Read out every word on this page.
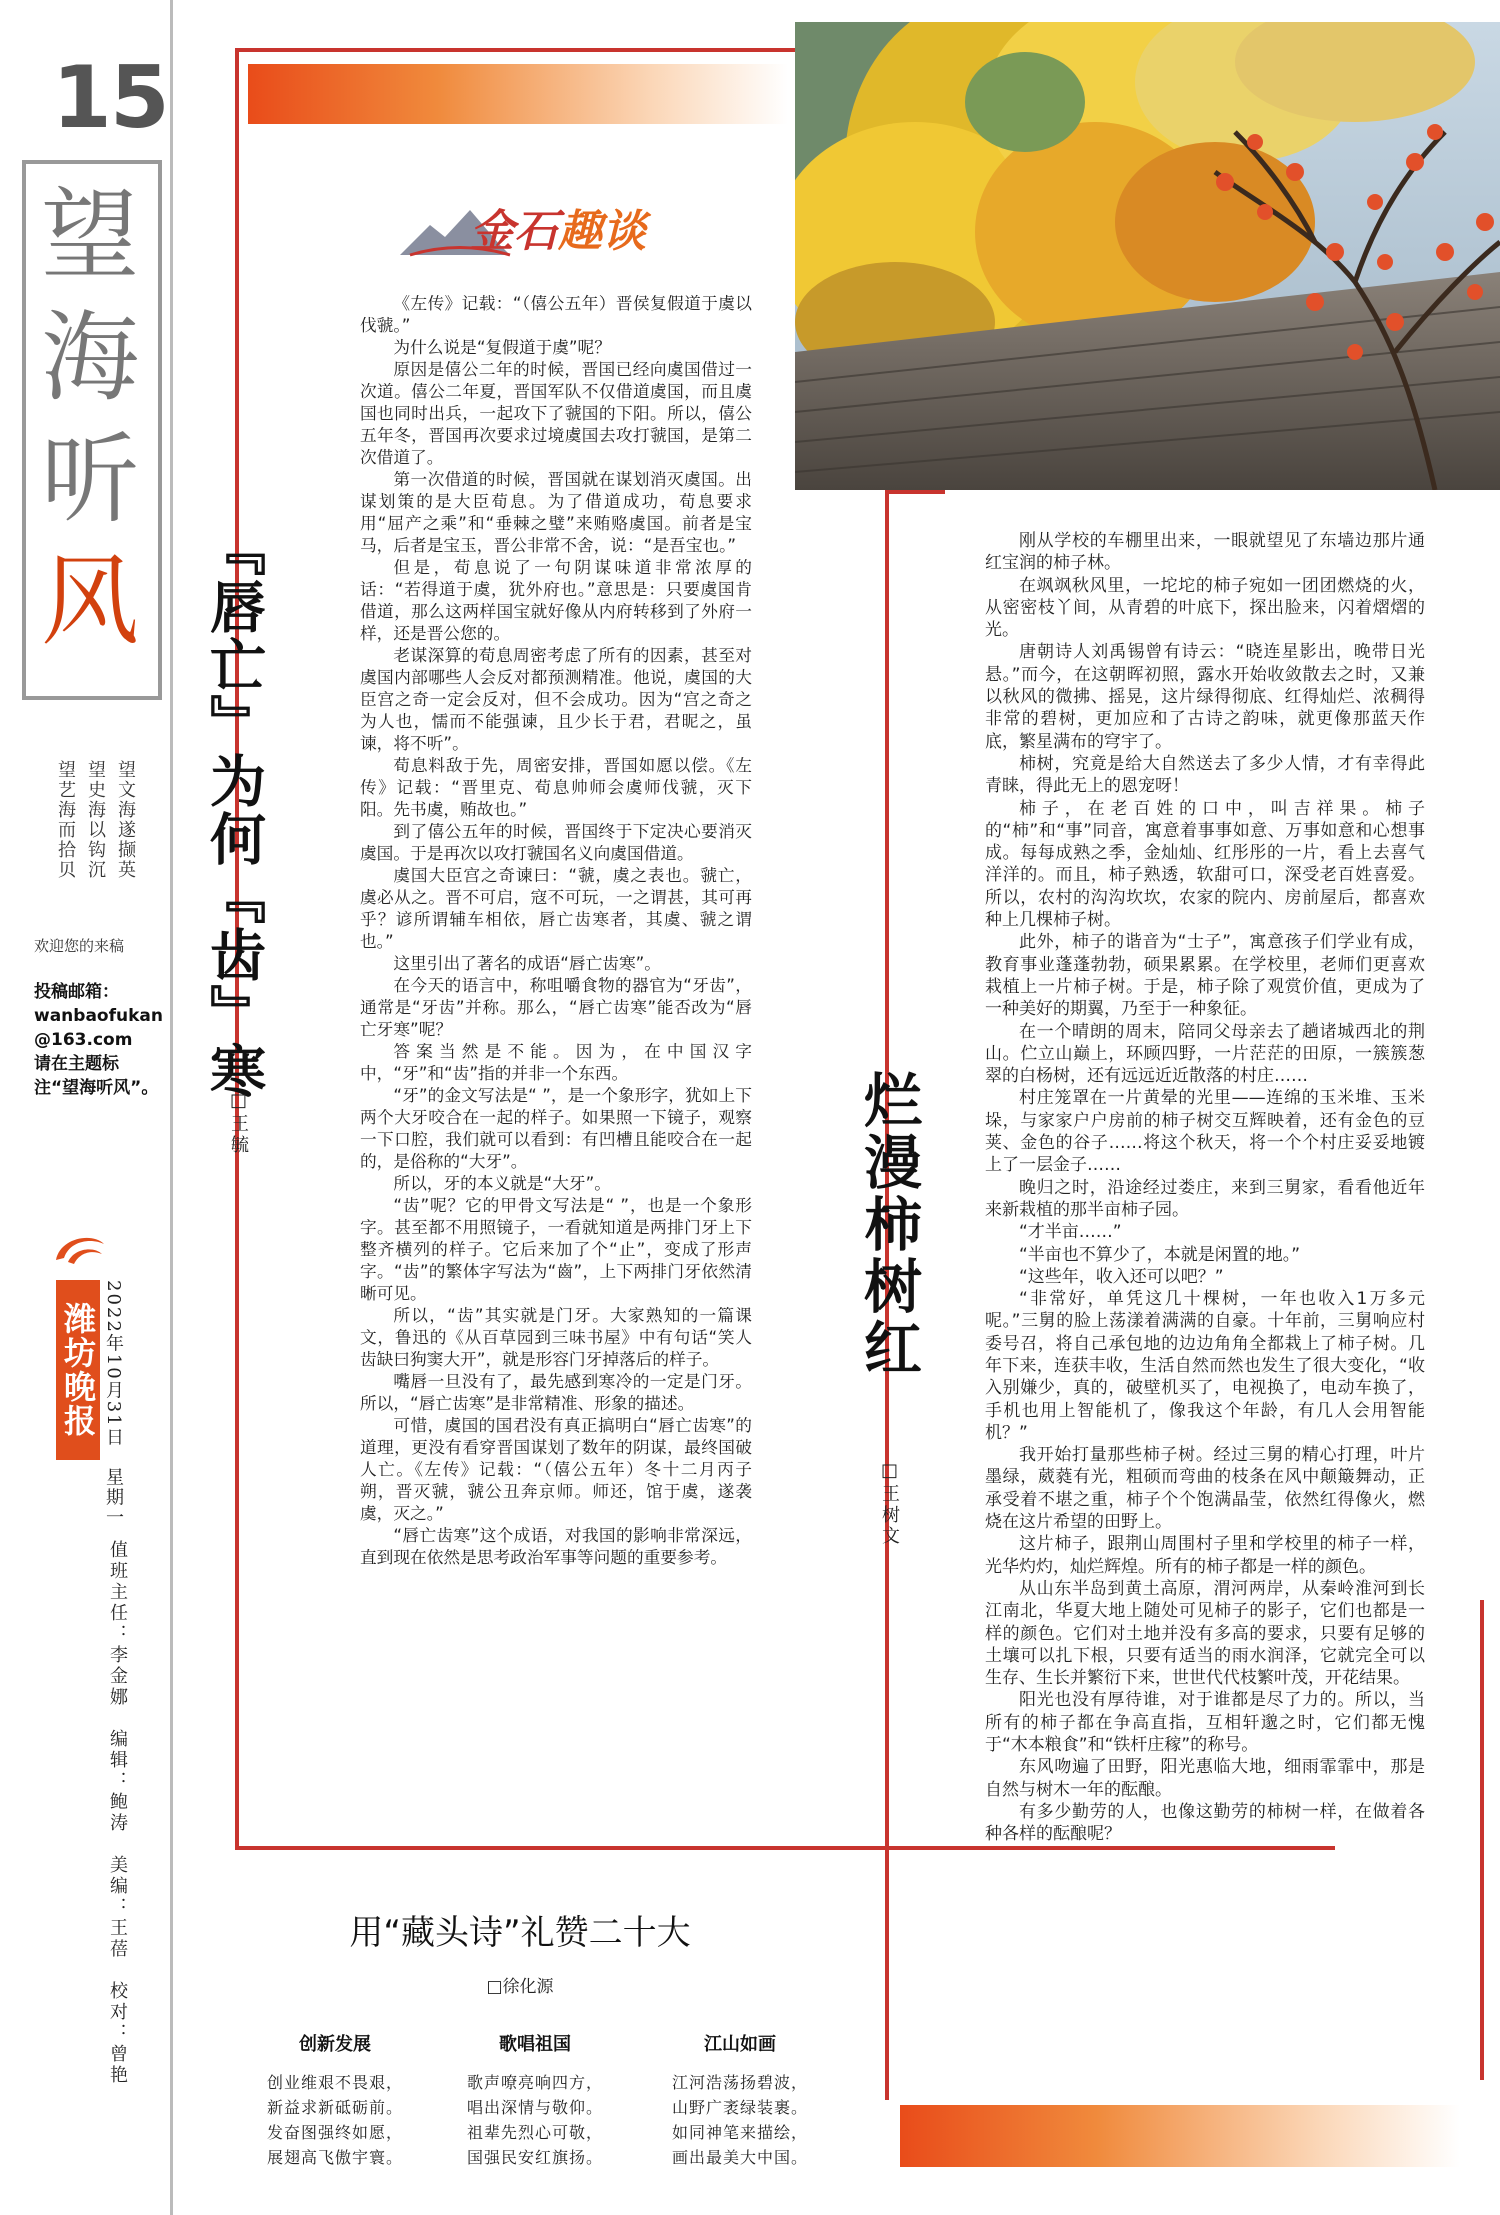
15
望
海
听
风
望文海遂撷英
望史海以钩沉
望艺海而拾贝
欢迎您的来稿
投稿邮箱：
wanbaofukan
@163.com
请在主题标注“望海听风”。
潍坊晚报 2022年10月31日　星期一
值班主任：李金娜　编辑：鲍涛　美编：王蓓　校对：曾艳
金石趣谈
『唇亡』为何『齿』寒
□王毓

《左传》记载：“（僖公五年）晋侯复假道于虞以伐虢。”

为什么说是“复假道于虞”呢？

原因是僖公二年的时候，晋国已经向虞国借过一次道。僖公二年夏，晋国军队不仅借道虞国，而且虞国也同时出兵，一起攻下了虢国的下阳。所以，僖公五年冬，晋国再次要求过境虞国去攻打虢国，是第二次借道了。

第一次借道的时候，晋国就在谋划消灭虞国。出谋划策的是大臣荀息。为了借道成功，荀息要求用“屈产之乘”和“垂棘之璧”来贿赂虞国。前者是宝马，后者是宝玉，晋公非常不舍，说：“是吾宝也。”

但是，荀息说了一句阴谋味道非常浓厚的话：“若得道于虞，犹外府也。”意思是：只要虞国肯借道，那么这两样国宝就好像从内府转移到了外府一样，还是晋公您的。

老谋深算的荀息周密考虑了所有的因素，甚至对虞国内部哪些人会反对都预测精准。他说，虞国的大臣宫之奇一定会反对，但不会成功。因为“宫之奇之为人也，懦而不能强谏，且少长于君，君昵之，虽谏，将不听”。

荀息料敌于先，周密安排，晋国如愿以偿。《左传》记载：“晋里克、荀息帅师会虞师伐虢，灭下阳。先书虞，贿故也。”

到了僖公五年的时候，晋国终于下定决心要消灭虞国。于是再次以攻打虢国名义向虞国借道。

虞国大臣宫之奇谏曰：“虢，虞之表也。虢亡，虞必从之。晋不可启，寇不可玩，一之谓甚，其可再乎？谚所谓辅车相依，唇亡齿寒者，其虞、虢之谓也。”

这里引出了著名的成语“唇亡齿寒”。

在今天的语言中，称咀嚼食物的器官为“牙齿”，通常是“牙齿”并称。那么，“唇亡齿寒”能否改为“唇亡牙寒”呢？

答案当然是不能。因为，在中国汉字中，“牙”和“齿”指的并非一个东西。

“牙”的金文写法是“ ”，是一个象形字，犹如上下两个大牙咬合在一起的样子。如果照一下镜子，观察一下口腔，我们就可以看到：有凹槽且能咬合在一起的，是俗称的“大牙”。

所以，牙的本义就是“大牙”。

“齿”呢？它的甲骨文写法是“ ”，也是一个象形字。甚至都不用照镜子，一看就知道是两排门牙上下整齐横列的样子。它后来加了个“止”，变成了形声字。“齿”的繁体字写法为“齒”，上下两排门牙依然清晰可见。

所以，“齿”其实就是门牙。大家熟知的一篇课文，鲁迅的《从百草园到三味书屋》中有句话“笑人齿缺曰狗窦大开”，就是形容门牙掉落后的样子。

嘴唇一旦没有了，最先感到寒冷的一定是门牙。所以，“唇亡齿寒”是非常精准、形象的描述。

可惜，虞国的国君没有真正搞明白“唇亡齿寒”的道理，更没有看穿晋国谋划了数年的阴谋，最终国破人亡。《左传》记载：“（僖公五年）冬十二月丙子朔，晋灭虢，虢公丑奔京师。师还，馆于虞，遂袭虞，灭之。”

“唇亡齿寒”这个成语，对我国的影响非常深远，直到现在依然是思考政治军事等问题的重要参考。

烂漫柿树红
□王树文

刚从学校的车棚里出来，一眼就望见了东墙边那片通红宝润的柿子林。

在飒飒秋风里，一坨坨的柿子宛如一团团燃烧的火，从密密枝丫间，从青碧的叶底下，探出脸来，闪着熠熠的光。

唐朝诗人刘禹锡曾有诗云：“晓连星影出，晚带日光悬。”而今，在这朝晖初照，露水开始收敛散去之时，又兼以秋风的微拂、摇晃，这片绿得彻底、红得灿烂、浓稠得非常的碧树，更加应和了古诗之韵味，就更像那蓝天作底，繁星满布的穹宇了。

柿树，究竟是给大自然送去了多少人情，才有幸得此青睐，得此无上的恩宠呀！

柿子，在老百姓的口中，叫吉祥果。柿子的“柿”和“事”同音，寓意着事事如意、万事如意和心想事成。每每成熟之季，金灿灿、红彤彤的一片，看上去喜气洋洋的。而且，柿子熟透，软甜可口，深受老百姓喜爱。所以，农村的沟沟坎坎，农家的院内、房前屋后，都喜欢种上几棵柿子树。

此外，柿子的谐音为“士子”，寓意孩子们学业有成，教育事业蓬蓬勃勃，硕果累累。在学校里，老师们更喜欢栽植上一片柿子树。于是，柿子除了观赏价值，更成为了一种美好的期翼，乃至于一种象征。

在一个晴朗的周末，陪同父母亲去了趟诸城西北的荆山。伫立山巅上，环顾四野，一片茫茫的田原，一簇簇葱翠的白杨树，还有远远近近散落的村庄……

村庄笼罩在一片黄晕的光里——连绵的玉米堆、玉米垛，与家家户户房前的柿子树交互辉映着，还有金色的豆荚、金色的谷子……将这个秋天，将一个个村庄妥妥地镀上了一层金子……

晚归之时，沿途经过娄庄，来到三舅家，看看他近年来新栽植的那半亩柿子园。

“才半亩……”

“半亩也不算少了，本就是闲置的地。”

“这些年，收入还可以吧？”

“非常好，单凭这几十棵树，一年也收入1万多元呢。”三舅的脸上荡漾着满满的自豪。十年前，三舅响应村委号召，将自己承包地的边边角角全都栽上了柿子树。几年下来，连获丰收，生活自然而然也发生了很大变化，“收入别嫌少，真的，破壁机买了，电视换了，电动车换了，手机也用上智能机了，像我这个年龄，有几人会用智能机？”

我开始打量那些柿子树。经过三舅的精心打理，叶片墨绿，葳蕤有光，粗硕而弯曲的枝条在风中颠簸舞动，正承受着不堪之重，柿子个个饱满晶莹，依然红得像火，燃烧在这片希望的田野上。

这片柿子，跟荆山周围村子里和学校里的柿子一样，光华灼灼，灿烂辉煌。所有的柿子都是一样的颜色。

从山东半岛到黄土高原，渭河两岸，从秦岭淮河到长江南北，华夏大地上随处可见柿子的影子，它们也都是一样的颜色。它们对土地并没有多高的要求，只要有足够的土壤可以扎下根，只要有适当的雨水润泽，它就完全可以生存、生长并繁衍下来，世世代代枝繁叶茂，开花结果。

阳光也没有厚待谁，对于谁都是尽了力的。所以，当所有的柿子都在争高直指，互相轩邈之时，它们都无愧于“木本粮食”和“铁杆庄稼”的称号。

东风吻遍了田野，阳光惠临大地，细雨霏霏中，那是自然与树木一年的酝酿。

有多少勤劳的人，也像这勤劳的柿树一样，在做着各种各样的酝酿呢？

用“藏头诗”礼赞二十大
□徐化源
创新发展
创业维艰不畏艰，
新益求新砥砺前。
发奋图强终如愿，
展翅高飞傲宇寰。
歌唱祖国
歌声嘹亮响四方，
唱出深情与敬仰。
祖辈先烈心可敬，
国强民安红旗扬。
江山如画
江河浩荡扬碧波，
山野广袤绿装裹。
如同神笔来描绘，
画出最美大中国。
